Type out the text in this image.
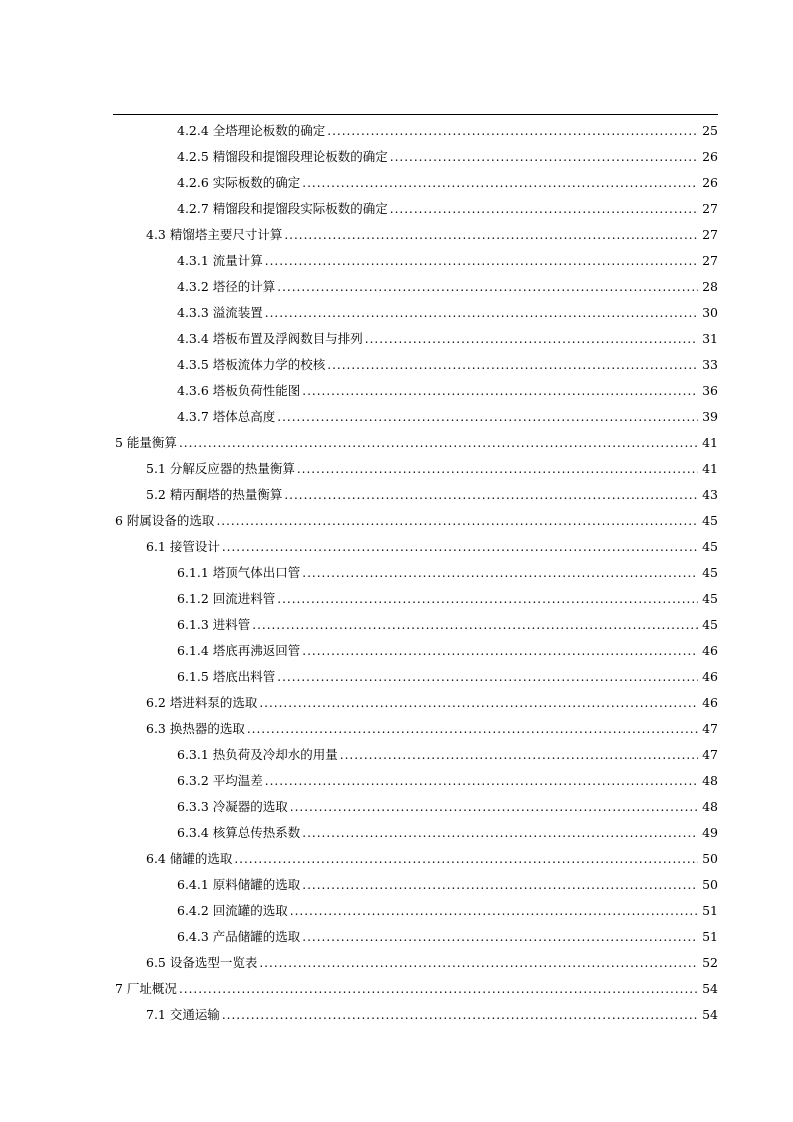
4.2.4 全塔理论板数的确定 .....	25
4.2.5 精馏段和提馏段理论板数的确定 .....	26
4.2.6 实际板数的确定 .....	26
4.2.7 精馏段和提馏段实际板数的确定 .....	27
4.3 精馏塔主要尺寸计算 .....	27
4.3.1 流量计算 .....	27
4.3.2 塔径的计算 .....	28
4.3.3 溢流装置 .....	30
4.3.4 塔板布置及浮阀数目与排列 .....	31
4.3.5 塔板流体力学的校核 .....	33
4.3.6 塔板负荷性能图 .....	36
4.3.7 塔体总高度 .....	39
5 能量衡算 .....	41
5.1 分解反应器的热量衡算 .....	41
5.2 精丙酮塔的热量衡算 .....	43
6 附属设备的选取 .....	45
6.1 接管设计 .....	45
6.1.1 塔顶气体出口管 .....	45
6.1.2 回流进料管 .....	45
6.1.3 进料管 .....	45
6.1.4 塔底再沸返回管 .....	46
6.1.5 塔底出料管 .....	46
6.2 塔进料泵的选取 .....	46
6.3 换热器的选取 .....	47
6.3.1 热负荷及冷却水的用量 .....	47
6.3.2 平均温差 .....	48
6.3.3 冷凝器的选取 .....	48
6.3.4 核算总传热系数 .....	49
6.4 储罐的选取 .....	50
6.4.1 原料储罐的选取 .....	50
6.4.2 回流罐的选取 .....	51
6.4.3 产品储罐的选取 .....	51
6.5 设备选型一览表 .....	52
7 厂址概况 .....	54
7.1 交通运输 .....	54
